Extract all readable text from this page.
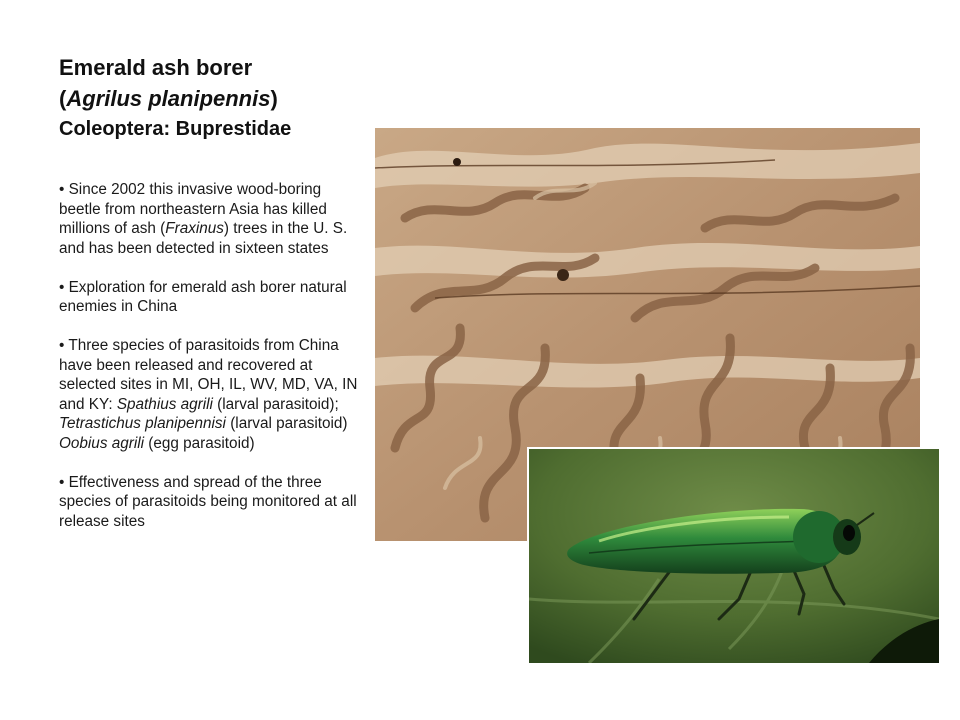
Emerald ash borer
(Agrilus planipennis)
Coleoptera: Buprestidae
• Since 2002 this invasive wood-boring beetle from northeastern Asia has killed millions of ash (Fraxinus) trees in the U. S. and has been detected in sixteen states
• Exploration for emerald ash borer natural enemies in China
• Three species of parasitoids from China have been released and recovered at selected sites in MI, OH, IL, WV, MD, VA, IN and KY: Spathius agrili (larval parasitoid); Tetrastichus planipennisi (larval parasitoid) Oobius agrili (egg parasitoid)
• Effectiveness and spread of the three species of parasitoids being monitored at all release sites
